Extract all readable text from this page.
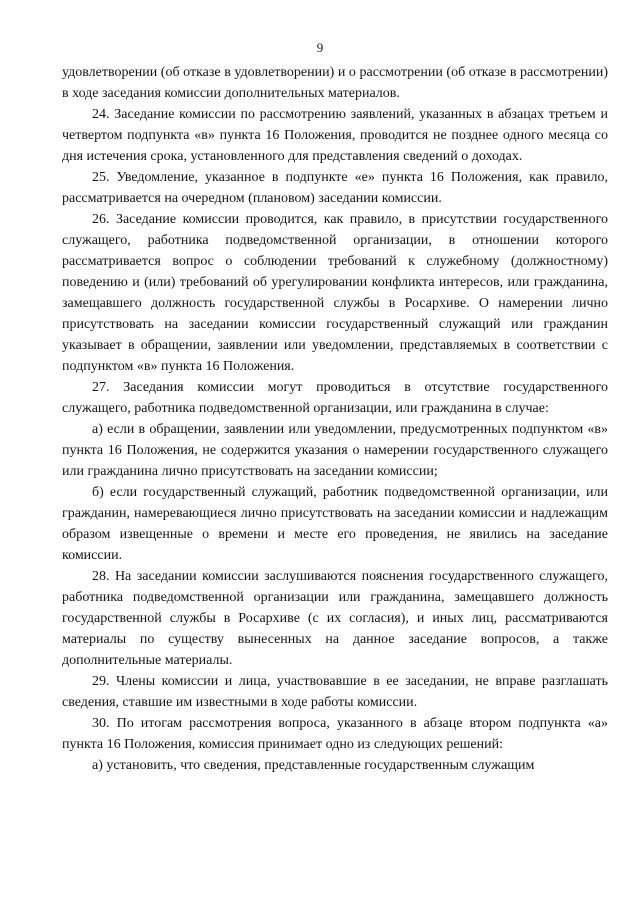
9

удовлетворении (об отказе в удовлетворении) и о рассмотрении (об отказе в рассмотрении) в ходе заседания комиссии дополнительных материалов.

24. Заседание комиссии по рассмотрению заявлений, указанных в абзацах третьем и четвертом подпункта «в» пункта 16 Положения, проводится не позднее одного месяца со дня истечения срока, установленного для представления сведений о доходах.

25. Уведомление, указанное в подпункте «е» пункта 16 Положения, как правило, рассматривается на очередном (плановом) заседании комиссии.

26. Заседание комиссии проводится, как правило, в присутствии государственного служащего, работника подведомственной организации, в отношении которого рассматривается вопрос о соблюдении требований к служебному (должностному) поведению и (или) требований об урегулировании конфликта интересов, или гражданина, замещавшего должность государственной службы в Росархиве. О намерении лично присутствовать на заседании комиссии государственный служащий или гражданин указывает в обращении, заявлении или уведомлении, представляемых в соответствии с подпунктом «в» пункта 16 Положения.

27. Заседания комиссии могут проводиться в отсутствие государственного служащего, работника подведомственной организации, или гражданина в случае:

а) если в обращении, заявлении или уведомлении, предусмотренных подпунктом «в» пункта 16 Положения, не содержится указания о намерении государственного служащего или гражданина лично присутствовать на заседании комиссии;

б) если государственный служащий, работник подведомственной организации, или гражданин, намеревающиеся лично присутствовать на заседании комиссии и надлежащим образом извещенные о времени и месте его проведения, не явились на заседание комиссии.

28. На заседании комиссии заслушиваются пояснения государственного служащего, работника подведомственной организации или гражданина, замещавшего должность государственной службы в Росархиве (с их согласия), и иных лиц, рассматриваются материалы по существу вынесенных на данное заседание вопросов, а также дополнительные материалы.

29. Члены комиссии и лица, участвовавшие в ее заседании, не вправе разглашать сведения, ставшие им известными в ходе работы комиссии.

30. По итогам рассмотрения вопроса, указанного в абзаце втором подпункта «а» пункта 16 Положения, комиссия принимает одно из следующих решений:

а) установить, что сведения, представленные государственным служащим
